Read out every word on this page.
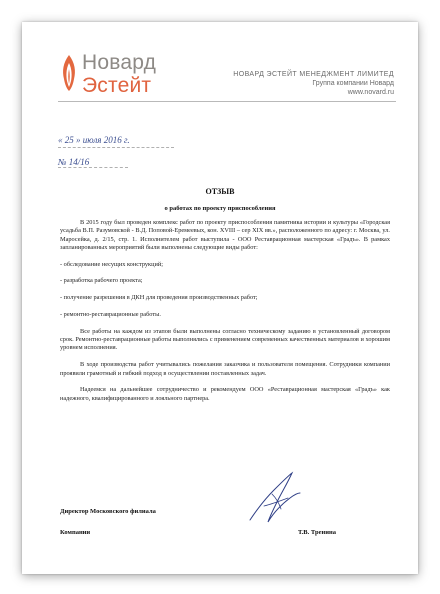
Новард
Эстейт	НОВАРД ЭСТЕЙТ МЕНЕДЖМЕНТ ЛИМИТЕД
Группа компании Новард
www.novard.ru
« 25 » июля 2016 г.
№ 14/16
ОТЗЫВ
о работах по проекту приспособления

В 2015 году был проведен комплекс работ по проекту приспособления памятника истории и культуры «Городская усадьба В.П. Разумовской - В.Д. Поповой-Еремеевых, кон. XVIII – сер XIX вв.», расположенного по адресу: г. Москва, ул. Маросейка, д. 2/15, стр. 1. Исполнителем работ выступила - ООО Реставрационная мастерская «Градъ». В рамках запланированных мероприятий были выполнены следующие виды работ:

- обследование несущих конструкций;

- разработка рабочего проекта;

- получение разрешения в ДКН для проведения производственных работ;

- ремонтно-реставрационные работы.

Все работы на каждом из этапов были выполнены согласно техническому заданию в установленный договором срок. Ремонтно-реставрационные работы выполнялись с применением современных качественных материалов и хорошим уровнем исполнения.

В ходе производства работ учитывались пожелания заказчика и пользователя помещения. Сотрудники компании проявили грамотный и гибкий подход в осуществлении поставленных задач.

Надеемся на дальнейшее сотрудничество и рекомендуем ООО «Реставрационная мастерская «Градъ» как надежного, квалифицированного и лояльного партнера.

Директор Московского филиала
Компании	Т.В. Тренина
